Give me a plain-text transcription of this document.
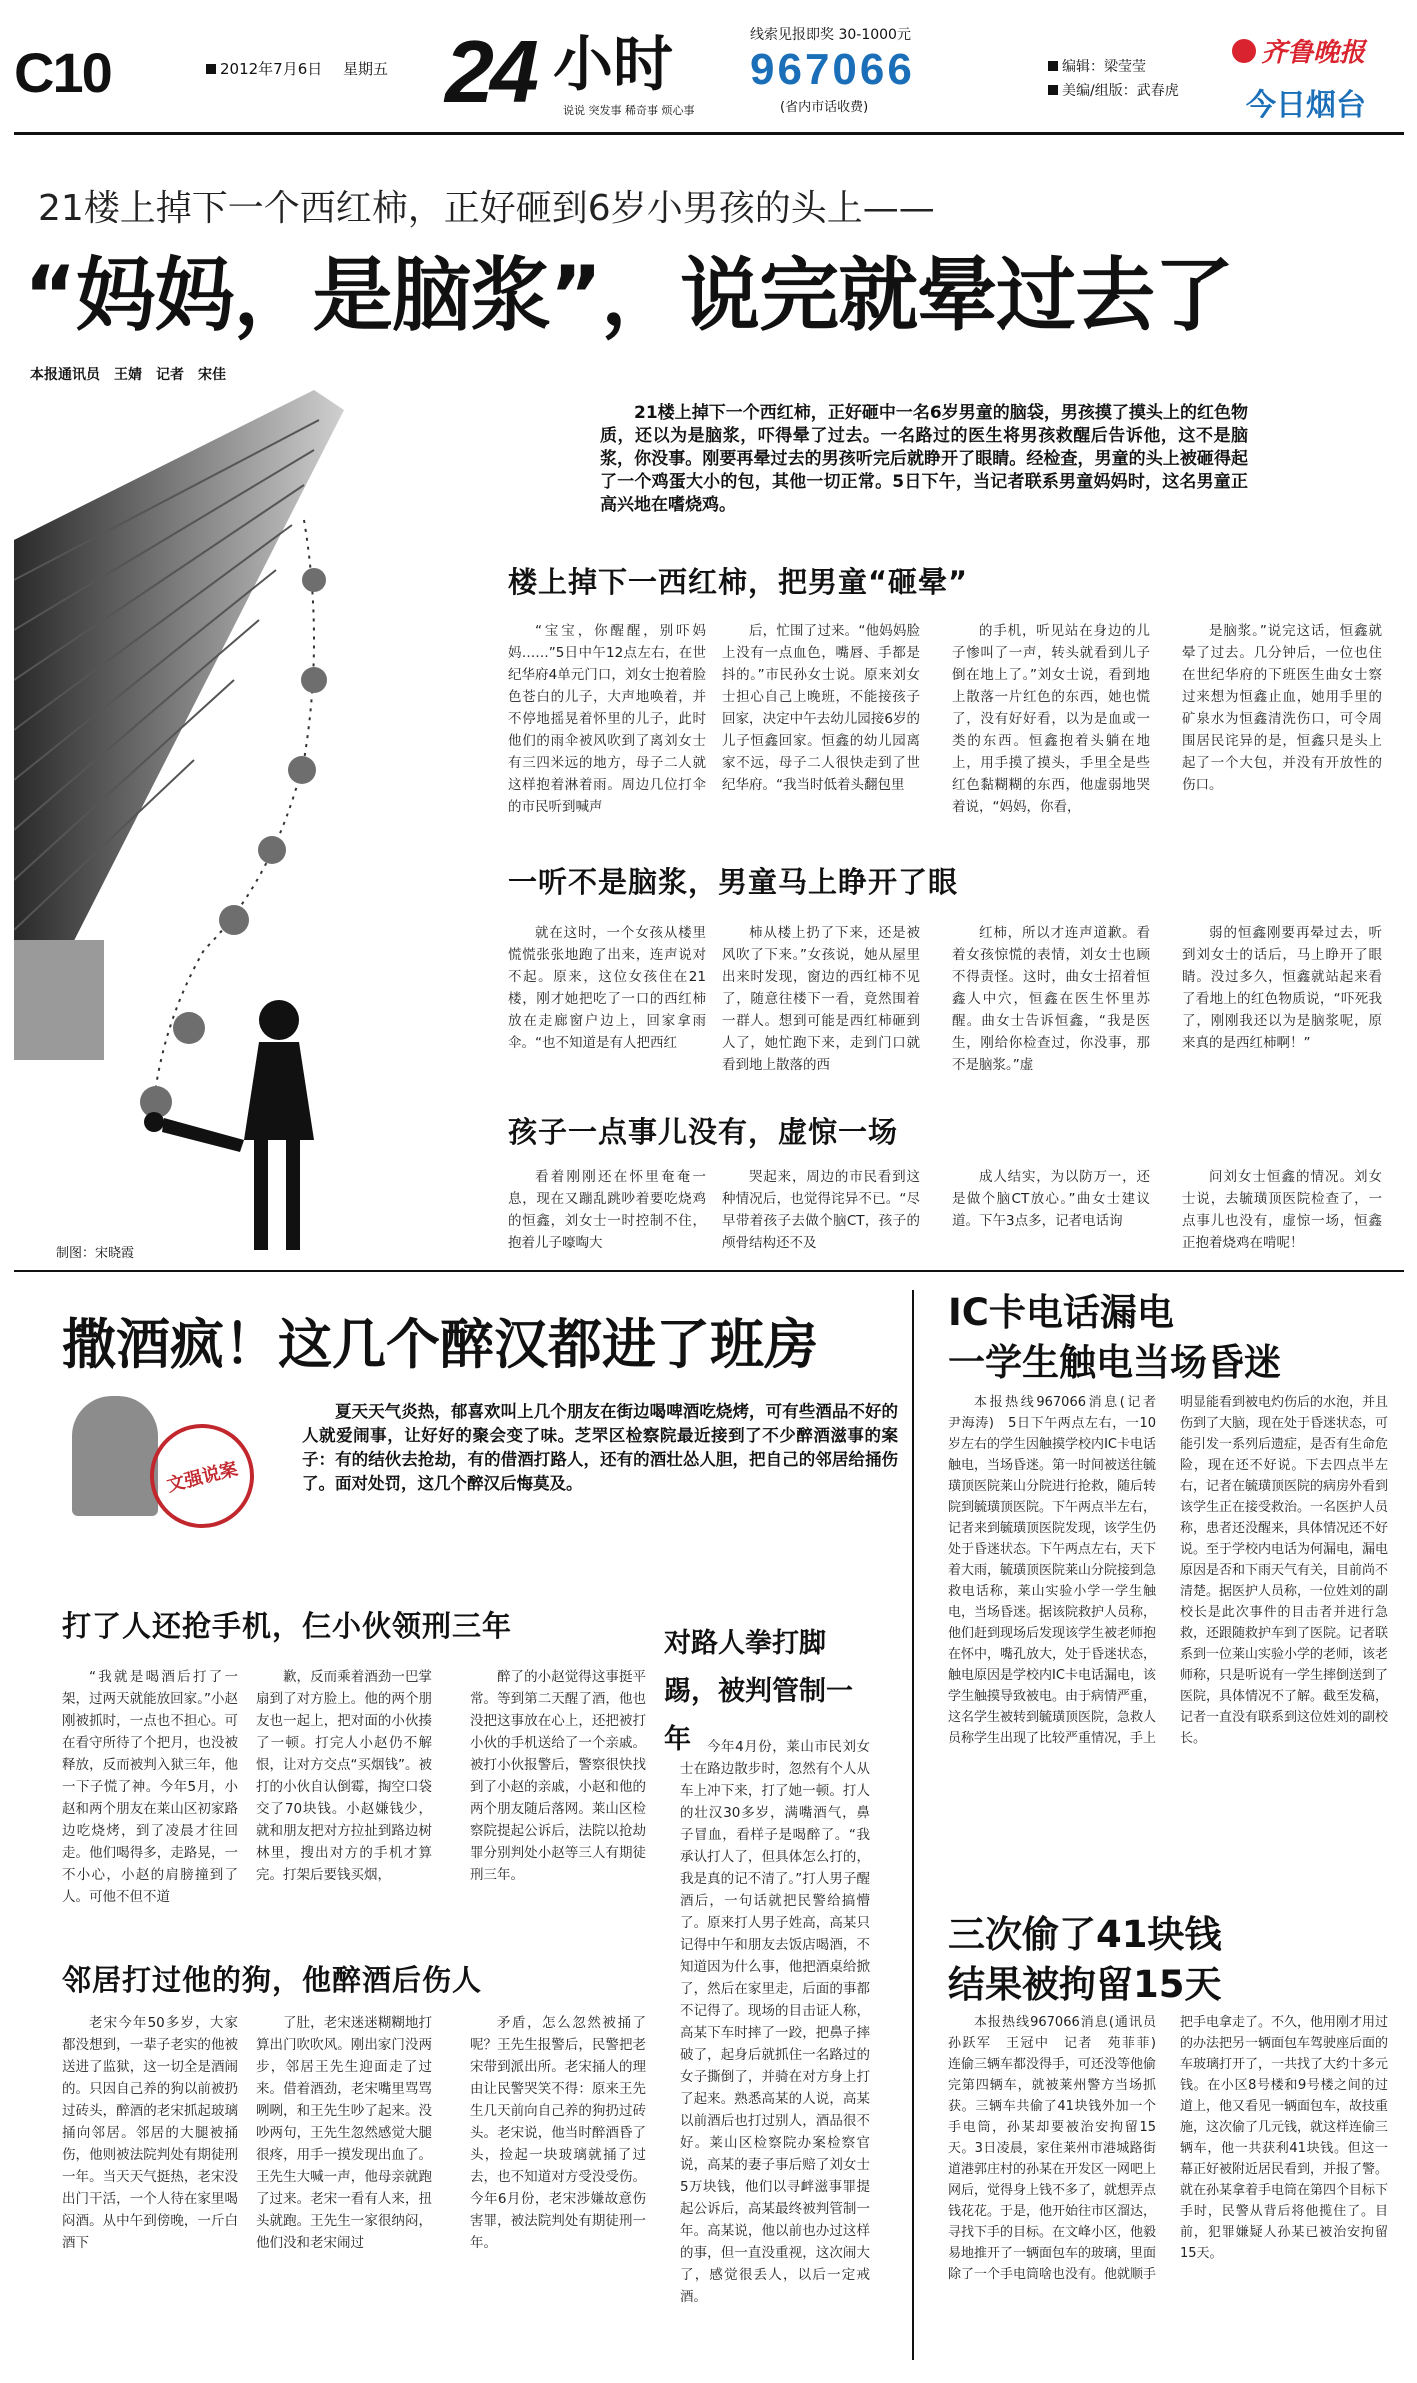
C10	2012年7月6日 星期五 24 小时
说说 突发事 稀奇事 烦心事
线索见报即奖 30-1000元
967066
(省内市话收费)
编辑：梁莹莹
美编/组版：武春虎
齐鲁晚报
今日烟台
21楼上掉下一个西红柿，正好砸到6岁小男孩的头上——
“妈妈，是脑浆”，说完就晕过去了
本报通讯员　王婧　记者　宋佳
制图：宋晓霞
21楼上掉下一个西红柿，正好砸中一名6岁男童的脑袋，男孩摸了摸头上的红色物质，还以为是脑浆，吓得晕了过去。一名路过的医生将男孩救醒后告诉他，这不是脑浆，你没事。刚要再晕过去的男孩听完后就睁开了眼睛。经检查，男童的头上被砸得起了一个鸡蛋大小的包，其他一切正常。5日下午，当记者联系男童妈妈时，这名男童正高兴地在嗜烧鸡。
楼上掉下一西红柿，把男童“砸晕”

“宝宝，你醒醒，别吓妈妈……”5日中午12点左右，在世纪华府4单元门口，刘女士抱着脸色苍白的儿子，大声地唤着，并不停地摇晃着怀里的儿子，此时他们的雨伞被风吹到了离刘女士有三四米远的地方，母子二人就这样抱着淋着雨。周边几位打伞的市民听到喊声

后，忙围了过来。“他妈妈脸上没有一点血色，嘴唇、手都是抖的。”市民孙女士说。原来刘女士担心自己上晚班，不能接孩子回家，决定中午去幼儿园接6岁的儿子恒鑫回家。恒鑫的幼儿园离家不远，母子二人很快走到了世纪华府。“我当时低着头翻包里

的手机，听见站在身边的儿子惨叫了一声，转头就看到儿子倒在地上了。”刘女士说，看到地上散落一片红色的东西，她也慌了，没有好好看，以为是血或一类的东西。恒鑫抱着头躺在地上，用手摸了摸头，手里全是些红色黏糊糊的东西，他虚弱地哭着说，“妈妈，你看，

是脑浆。”说完这话，恒鑫就晕了过去。几分钟后，一位也住在世纪华府的下班医生曲女士察过来想为恒鑫止血，她用手里的矿泉水为恒鑫清洗伤口，可令周围居民诧异的是，恒鑫只是头上起了一个大包，并没有开放性的伤口。

一听不是脑浆，男童马上睁开了眼

就在这时，一个女孩从楼里慌慌张张地跑了出来，连声说对不起。原来，这位女孩住在21楼，刚才她把吃了一口的西红柿放在走廊窗户边上，回家拿雨伞。“也不知道是有人把西红

柿从楼上扔了下来，还是被风吹了下来。”女孩说，她从屋里出来时发现，窗边的西红柿不见了，随意往楼下一看，竟然围着一群人。想到可能是西红柿砸到人了，她忙跑下来，走到门口就看到地上散落的西

红柿，所以才连声道歉。看着女孩惊慌的表情，刘女士也顾不得责怪。这时，曲女士招着恒鑫人中穴，恒鑫在医生怀里苏醒。曲女士告诉恒鑫，“我是医生，刚给你检查过，你没事，那不是脑浆。”虚

弱的恒鑫刚要再晕过去，听到刘女士的话后，马上睁开了眼睛。没过多久，恒鑫就站起来看了看地上的红色物质说，“吓死我了，刚刚我还以为是脑浆呢，原来真的是西红柿啊！”

孩子一点事儿没有，虚惊一场

看着刚刚还在怀里奄奄一息，现在又蹦乱跳吵着要吃烧鸡的恒鑫，刘女士一时控制不住，抱着儿子嚎啕大

哭起来，周边的市民看到这种情况后，也觉得诧异不已。“尽早带着孩子去做个脑CT，孩子的颅骨结构还不及

成人结实，为以防万一，还是做个脑CT放心。”曲女士建议道。下午3点多，记者电话询

问刘女士恒鑫的情况。刘女士说，去毓璜顶医院检查了，一点事儿也没有，虚惊一场，恒鑫正抱着烧鸡在啃呢！

撒酒疯！这几个醉汉都进了班房
文强说案
夏天天气炎热，郁喜欢叫上几个朋友在街边喝啤酒吃烧烤，可有些酒品不好的人就爱闹事，让好好的聚会变了味。芝罘区检察院最近接到了不少醉酒滋事的案子：有的结伙去抢劫，有的借酒打路人，还有的酒壮怂人胆，把自己的邻居给捅伤了。面对处罚，这几个醉汉后悔莫及。
打了人还抢手机，仨小伙领刑三年

“我就是喝酒后打了一架，过两天就能放回家。”小赵刚被抓时，一点也不担心。可在看守所待了个把月，也没被释放，反而被判入狱三年，他一下子慌了神。今年5月，小赵和两个朋友在莱山区初家路边吃烧烤，到了凌晨才往回走。他们喝得多，走路晃，一不小心，小赵的肩膀撞到了人。可他不但不道

歉，反而乘着酒劲一巴掌扇到了对方脸上。他的两个朋友也一起上，把对面的小伙揍了一顿。打完人小赵仍不解恨，让对方交点“买烟钱”。被打的小伙自认倒霉，掏空口袋交了70块钱。小赵嫌钱少，就和朋友把对方拉扯到路边树林里，搜出对方的手机才算完。打架后要钱买烟，

醉了的小赵觉得这事挺平常。等到第二天醒了酒，他也没把这事放在心上，还把被打小伙的手机送给了一个亲戚。被打小伙报警后，警察很快找到了小赵的亲戚，小赵和他的两个朋友随后落网。莱山区检察院提起公诉后，法院以抢劫罪分别判处小赵等三人有期徒刑三年。

邻居打过他的狗，他醉酒后伤人

老宋今年50多岁，大家都没想到，一辈子老实的他被送进了监狱，这一切全是酒闹的。只因自己养的狗以前被扔过砖头，醉酒的老宋抓起玻璃捅向邻居。邻居的大腿被捅伤，他则被法院判处有期徒刑一年。当天天气挺热，老宋没出门干活，一个人待在家里喝闷酒。从中午到傍晚，一斤白酒下

了肚，老宋迷迷糊糊地打算出门吹吹风。刚出家门没两步，邻居王先生迎面走了过来。借着酒劲，老宋嘴里骂骂咧咧，和王先生吵了起来。没吵两句，王先生忽然感觉大腿很疼，用手一摸发现出血了。王先生大喊一声，他母亲就跑了过来。老宋一看有人来，扭头就跑。王先生一家很纳闷，他们没和老宋闹过

矛盾，怎么忽然被捅了呢？王先生报警后，民警把老宋带到派出所。老宋捅人的理由让民警哭笑不得：原来王先生几天前向自己养的狗扔过砖头。老宋说，他当时醉酒昏了头，捡起一块玻璃就捅了过去，也不知道对方受没受伤。今年6月份，老宋涉嫌故意伤害罪，被法院判处有期徒刑一年。

对路人拳打脚踢，被判管制一年	今年4月份，莱山市民刘女士在路边散步时，忽然有个人从车上冲下来，打了她一顿。打人的壮汉30多岁，满嘴酒气，鼻子冒血，看样子是喝醉了。“我承认打人了，但具体怎么打的，我是真的记不清了。”打人男子醒酒后，一句话就把民警给搞懵了。原来打人男子姓高，高某只记得中午和朋友去饭店喝酒，不知道因为什么事，他把酒桌给掀了，然后在家里走，后面的事都不记得了。现场的目击证人称，高某下车时摔了一跤，把鼻子摔破了，起身后就抓住一名路过的女子撕倒了，并骑在对方身上打了起来。熟悉高某的人说，高某以前酒后也打过别人，酒品很不好。莱山区检察院办案检察官说，高某的妻子事后赔了刘女士5万块钱，他们以寻衅滋事罪提起公诉后，高某最终被判管制一年。高某说，他以前也办过这样的事，但一直没重视，这次闹大了，感觉很丢人，以后一定戒酒。

IC卡电话漏电
一学生触电当场昏迷

本报热线967066消息(记者　尹海涛)　5日下午两点左右，一10岁左右的学生因触摸学校内IC卡电话触电，当场昏迷。第一时间被送往毓璜顶医院莱山分院进行抢救，随后转院到毓璜顶医院。下午两点半左右，记者来到毓璜顶医院发现，该学生仍处于昏迷状态。下午两点左右，天下着大雨，毓璜顶医院莱山分院接到急救电话称，莱山实验小学一学生触电，当场昏迷。据该院救护人员称，他们赶到现场后发现该学生被老师抱在怀中，嘴孔放大，处于昏迷状态，触电原因是学校内IC卡电话漏电，该学生触摸导致被电。由于病情严重，这名学生被转到毓璜顶医院，急救人员称学生出现了比较严重情况，手上明显能看到被电灼伤后的水泡，并且伤到了大脑，现在处于昏迷状态，可能引发一系列后遗症，是否有生命危险，现在还不好说。下去四点半左右，记者在毓璜顶医院的病房外看到该学生正在接受救治。一名医护人员称，患者还没醒来，具体情况还不好说。至于学校内电话为何漏电，漏电原因是否和下雨天气有关，目前尚不清楚。据医护人员称，一位姓刘的副校长是此次事件的目击者并进行急救，还跟随救护车到了医院。记者联系到一位莱山实验小学的老师，该老师称，只是听说有一学生摔倒送到了医院，具体情况不了解。截至发稿，记者一直没有联系到这位姓刘的副校长。

三次偷了41块钱
结果被拘留15天

本报热线967066消息(通讯员　孙跃军　王冠中　记者　苑菲菲)　连偷三辆车都没得手，可还没等他偷完第四辆车，就被莱州警方当场抓获。三辆车共偷了41块钱外加一个手电筒，孙某却要被治安拘留15天。3日凌晨，家住莱州市港城路街道港郭庄村的孙某在开发区一网吧上网后，觉得身上钱不多了，就想弄点钱花花。于是，他开始往市区溜达，寻找下手的目标。在文峰小区，他毅易地推开了一辆面包车的玻璃，里面除了一个手电筒啥也没有。他就顺手把手电拿走了。不久，他用刚才用过的办法把另一辆面包车驾驶座后面的车玻璃打开了，一共找了大约十多元钱。在小区8号楼和9号楼之间的过道上，他又看见一辆面包车，故技重施，这次偷了几元钱，就这样连偷三辆车，他一共获利41块钱。但这一幕正好被附近居民看到，并报了警。就在孙某拿着手电筒在第四个目标下手时，民警从背后将他揽住了。目前，犯罪嫌疑人孙某已被治安拘留15天。
